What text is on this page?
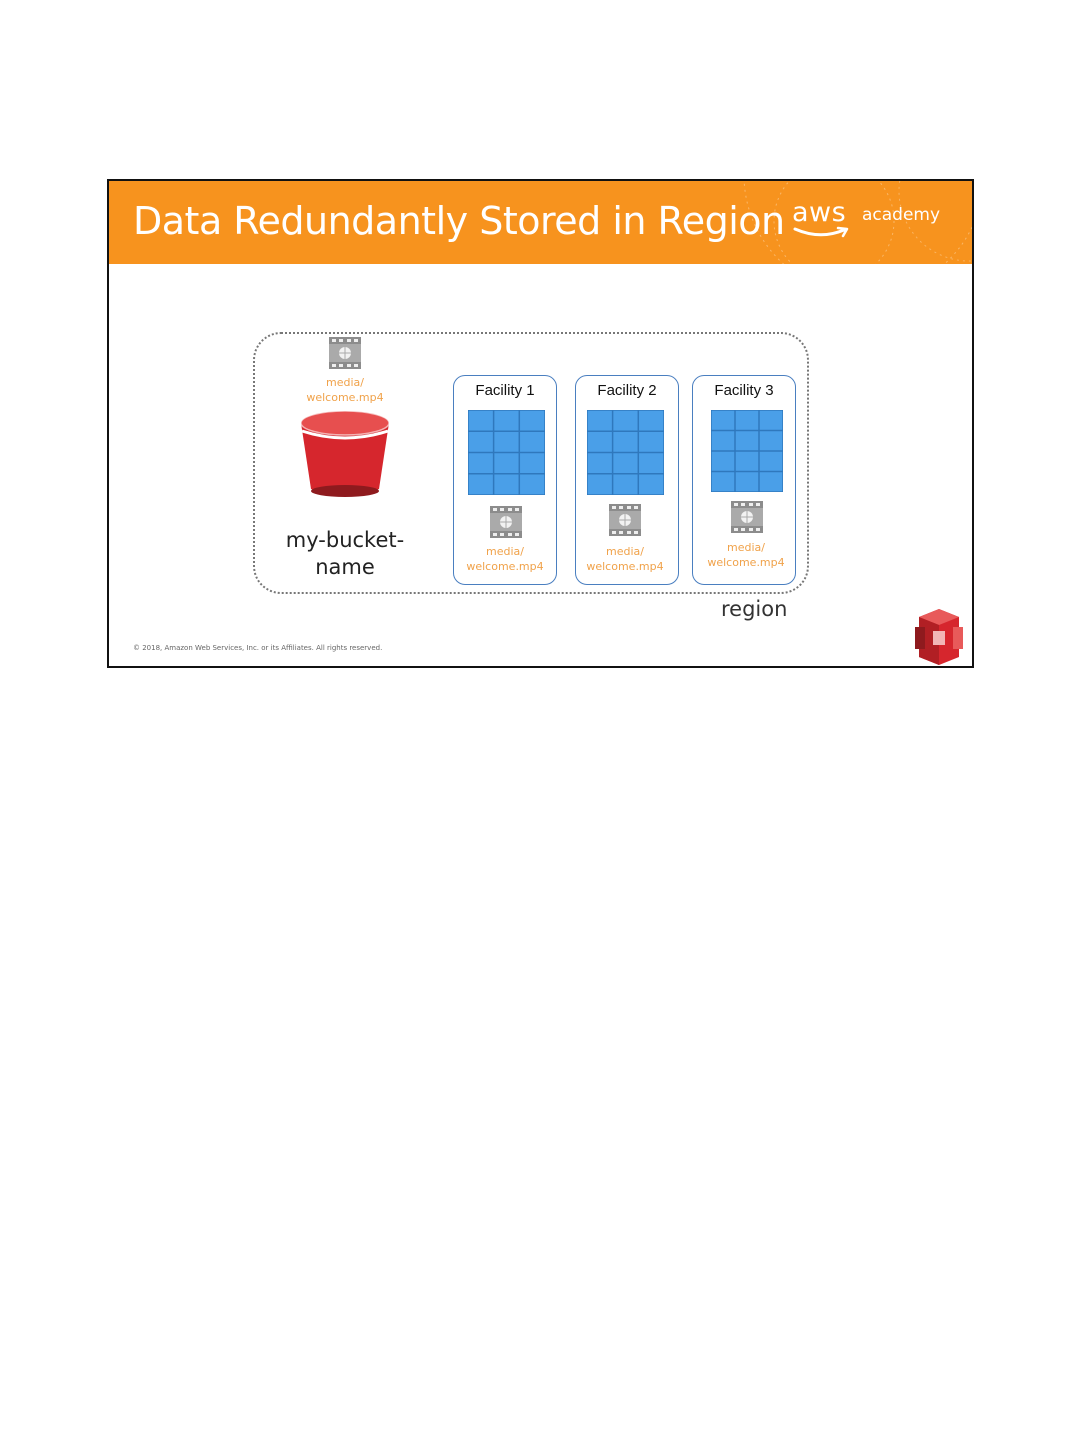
Data Redundantly Stored in Region aws academy
region
media/
welcome.mp4
my-bucket-
name
Facility 1
media/
welcome.mp4
Facility 2
media/
welcome.mp4
Facility 3
media/
welcome.mp4
© 2018, Amazon Web Services, Inc. or its Affiliates. All rights reserved.
